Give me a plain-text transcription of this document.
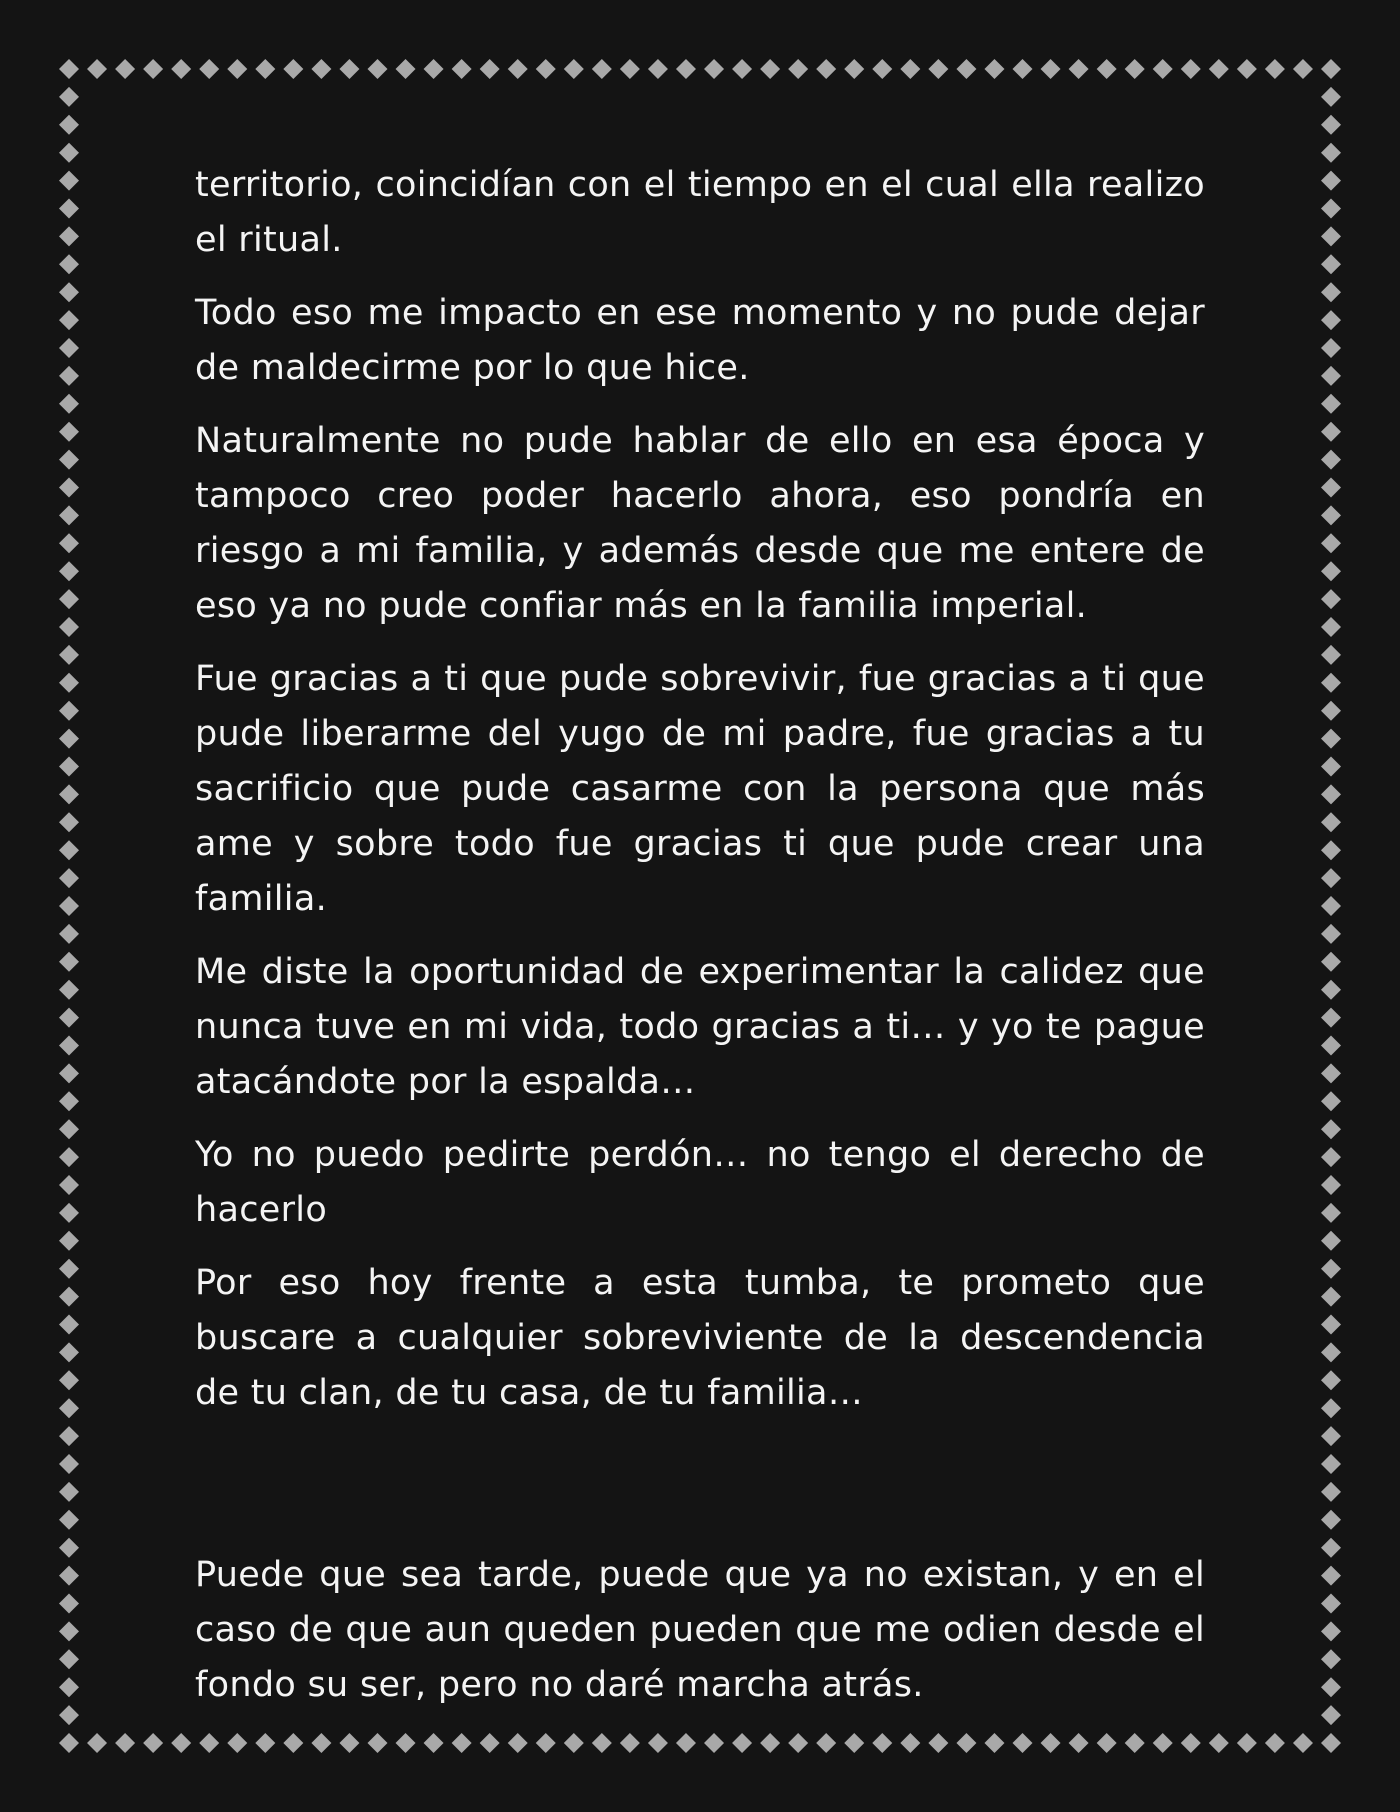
territorio, coincidían con el tiempo en el cual ella realizo el ritual.

Todo eso me impacto en ese momento y no pude dejar de maldecirme por lo que hice.

Naturalmente no pude hablar de ello en esa época y tampoco creo poder hacerlo ahora, eso pondría en riesgo a mi familia, y además desde que me entere de eso ya no pude confiar más en la familia imperial.

Fue gracias a ti que pude sobrevivir, fue gracias a ti que pude liberarme del yugo de mi padre, fue gracias a tu sacrificio que pude casarme con la persona que más ame y sobre todo fue gracias ti que pude crear una familia.

Me diste la oportunidad de experimentar la calidez que nunca tuve en mi vida, todo gracias a ti… y yo te pague atacándote por la espalda…

Yo no puedo pedirte perdón… no tengo el derecho de hacerlo

Por eso hoy frente a esta tumba, te prometo que buscare a cualquier sobreviviente de la descendencia de tu clan, de tu casa, de tu familia…

Puede que sea tarde, puede que ya no existan, y en el caso de que aun queden pueden que me odien desde el fondo su ser, pero no daré marcha atrás.
